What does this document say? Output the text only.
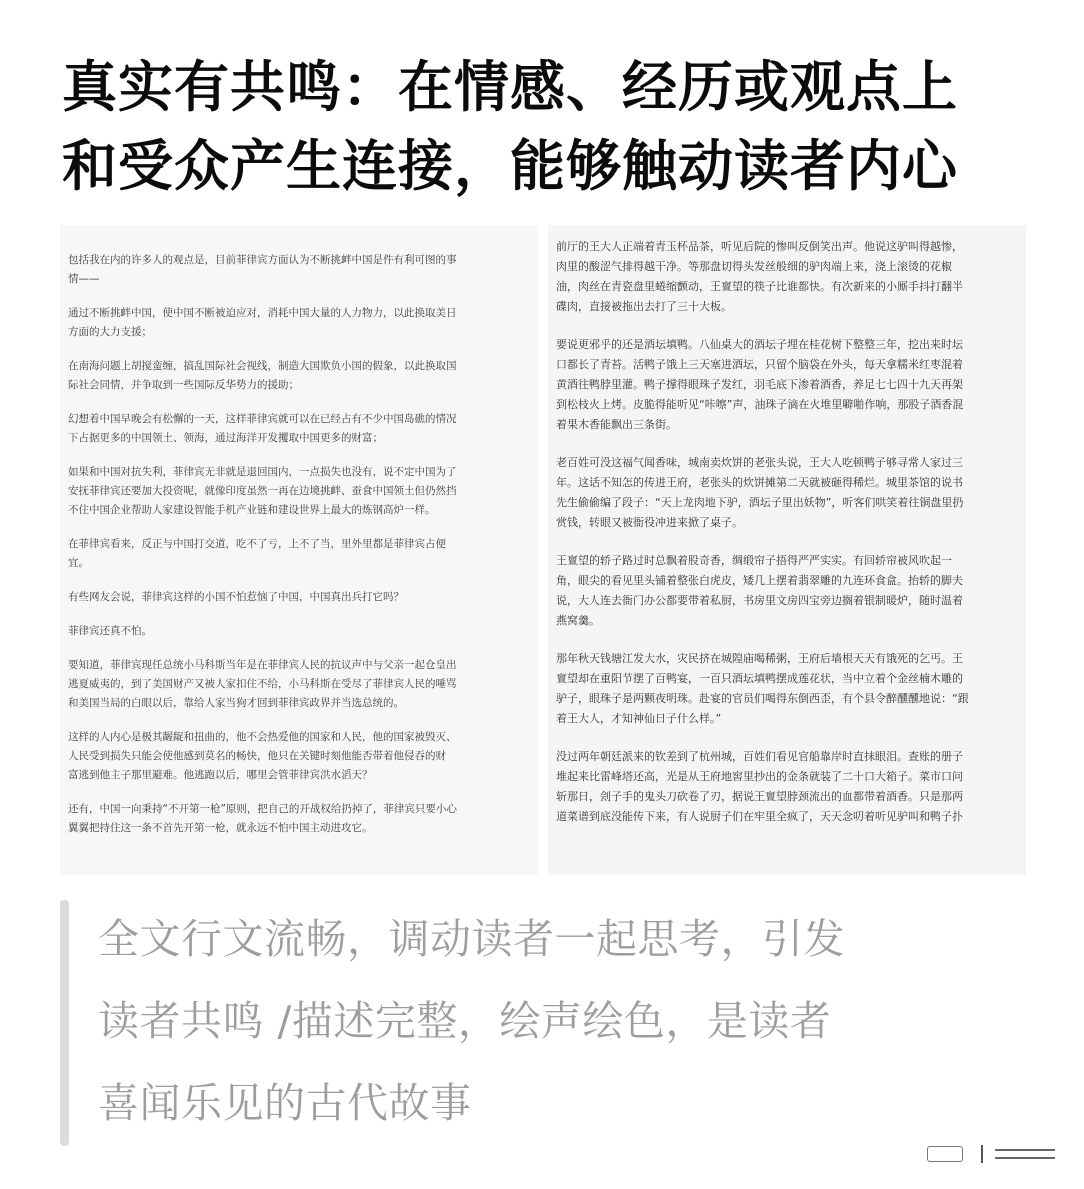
真实有共鸣：在情感、经历或观点上
和受众产生连接，能够触动读者内心

包括我在内的许多人的观点是，目前菲律宾方面认为不断挑衅中国是件有利可图的事
情——

通过不断挑衅中国，使中国不断被迫应对，消耗中国大量的人力物力，以此换取美日
方面的大力支援；

在南海问题上胡搅蛮缠，搞乱国际社会视线，制造大国欺负小国的假象，以此换取国
际社会同情，并争取到一些国际反华势力的援助；

幻想着中国早晚会有松懈的一天，这样菲律宾就可以在已经占有不少中国岛礁的情况
下占据更多的中国领土、领海，通过海洋开发攫取中国更多的财富；

如果和中国对抗失利，菲律宾无非就是退回国内，一点损失也没有，说不定中国为了
安抚菲律宾还要加大投资呢，就像印度虽然一再在边境挑衅、蚕食中国领土但仍然挡
不住中国企业帮助人家建设智能手机产业链和建设世界上最大的炼钢高炉一样。

在菲律宾看来，反正与中国打交道，吃不了亏，上不了当，里外里都是菲律宾占便
宜。

有些网友会说，菲律宾这样的小国不怕惹恼了中国，中国真出兵打它吗？

菲律宾还真不怕。

要知道，菲律宾现任总统小马科斯当年是在菲律宾人民的抗议声中与父亲一起仓皇出
逃夏威夷的，到了美国财产又被人家扣住不给，小马科斯在受尽了菲律宾人民的唾骂
和美国当局的白眼以后，靠给人家当狗才回到菲律宾政界并当选总统的。

这样的人内心是极其龌龊和扭曲的，他不会热爱他的国家和人民，他的国家被毁灭、
人民受到损失只能会使他感到莫名的畅快，他只在关键时刻他能否带着他侵吞的财
富逃到他主子那里避难。他逃跑以后，哪里会管菲律宾洪水滔天？

还有，中国一向秉持“不开第一枪”原则，把自己的开战权给扔掉了，菲律宾只要小心
翼翼把持住这一条不首先开第一枪，就永远不怕中国主动进攻它。

前厅的王大人正端着青玉杯品茶，听见后院的惨叫反倒笑出声。他说这驴叫得越惨，
肉里的酸涩气排得越干净。等那盘切得头发丝般细的驴肉端上来，浇上滚烫的花椒
油，肉丝在青瓷盘里蜷缩颤动，王亶望的筷子比谁都快。有次新来的小厮手抖打翻半
碟肉，直接被拖出去打了三十大板。

要说更邪乎的还是酒坛填鸭。八仙桌大的酒坛子埋在桂花树下整整三年，挖出来时坛
口都长了青苔。活鸭子饿上三天塞进酒坛，只留个脑袋在外头，每天拿糯米红枣混着
黄酒往鸭脖里灌。鸭子撑得眼珠子发红，羽毛底下渗着酒香，养足七七四十九天再架
到松枝火上烤。皮脆得能听见“咔嚓”声，油珠子滴在火堆里噼啪作响，那股子酒香混
着果木香能飘出三条街。

老百姓可没这福气闻香味，城南卖炊饼的老张头说，王大人吃顿鸭子够寻常人家过三
年。这话不知怎的传进王府，老张头的炊饼摊第二天就被砸得稀烂。城里茶馆的说书
先生偷偷编了段子：“天上龙肉地下驴，酒坛子里出妖物”，听客们哄笑着往铜盘里扔
赏钱，转眼又被衙役冲进来掀了桌子。

王亶望的轿子路过时总飘着股奇香，绸缎帘子捂得严严实实。有回轿帘被风吹起一
角，眼尖的看见里头铺着整张白虎皮，矮几上摆着翡翠雕的九连环食盒。抬轿的脚夫
说，大人连去衙门办公都要带着私厨，书房里文房四宝旁边搁着银制暖炉，随时温着
燕窝羹。

那年秋天钱塘江发大水，灾民挤在城隍庙喝稀粥，王府后墙根天天有饿死的乞丐。王
亶望却在重阳节摆了百鸭宴，一百只酒坛填鸭摆成莲花状，当中立着个金丝楠木雕的
驴子，眼珠子是两颗夜明珠。赴宴的官员们喝得东倒西歪，有个县令醉醺醺地说：“跟
着王大人，才知神仙日子什么样。”

没过两年朝廷派来的钦差到了杭州城，百姓们看见官船靠岸时直抹眼泪。查账的册子
堆起来比雷峰塔还高，光是从王府地窖里抄出的金条就装了二十口大箱子。菜市口问
斩那日，刽子手的鬼头刀砍卷了刃，据说王亶望脖颈流出的血都带着酒香。只是那两
道菜谱到底没能传下来，有人说厨子们在牢里全疯了，天天念叨着听见驴叫和鸭子扑

全文行文流畅，调动读者一起思考，引发
读者共鸣 /描述完整，绘声绘色，是读者
喜闻乐见的古代故事
